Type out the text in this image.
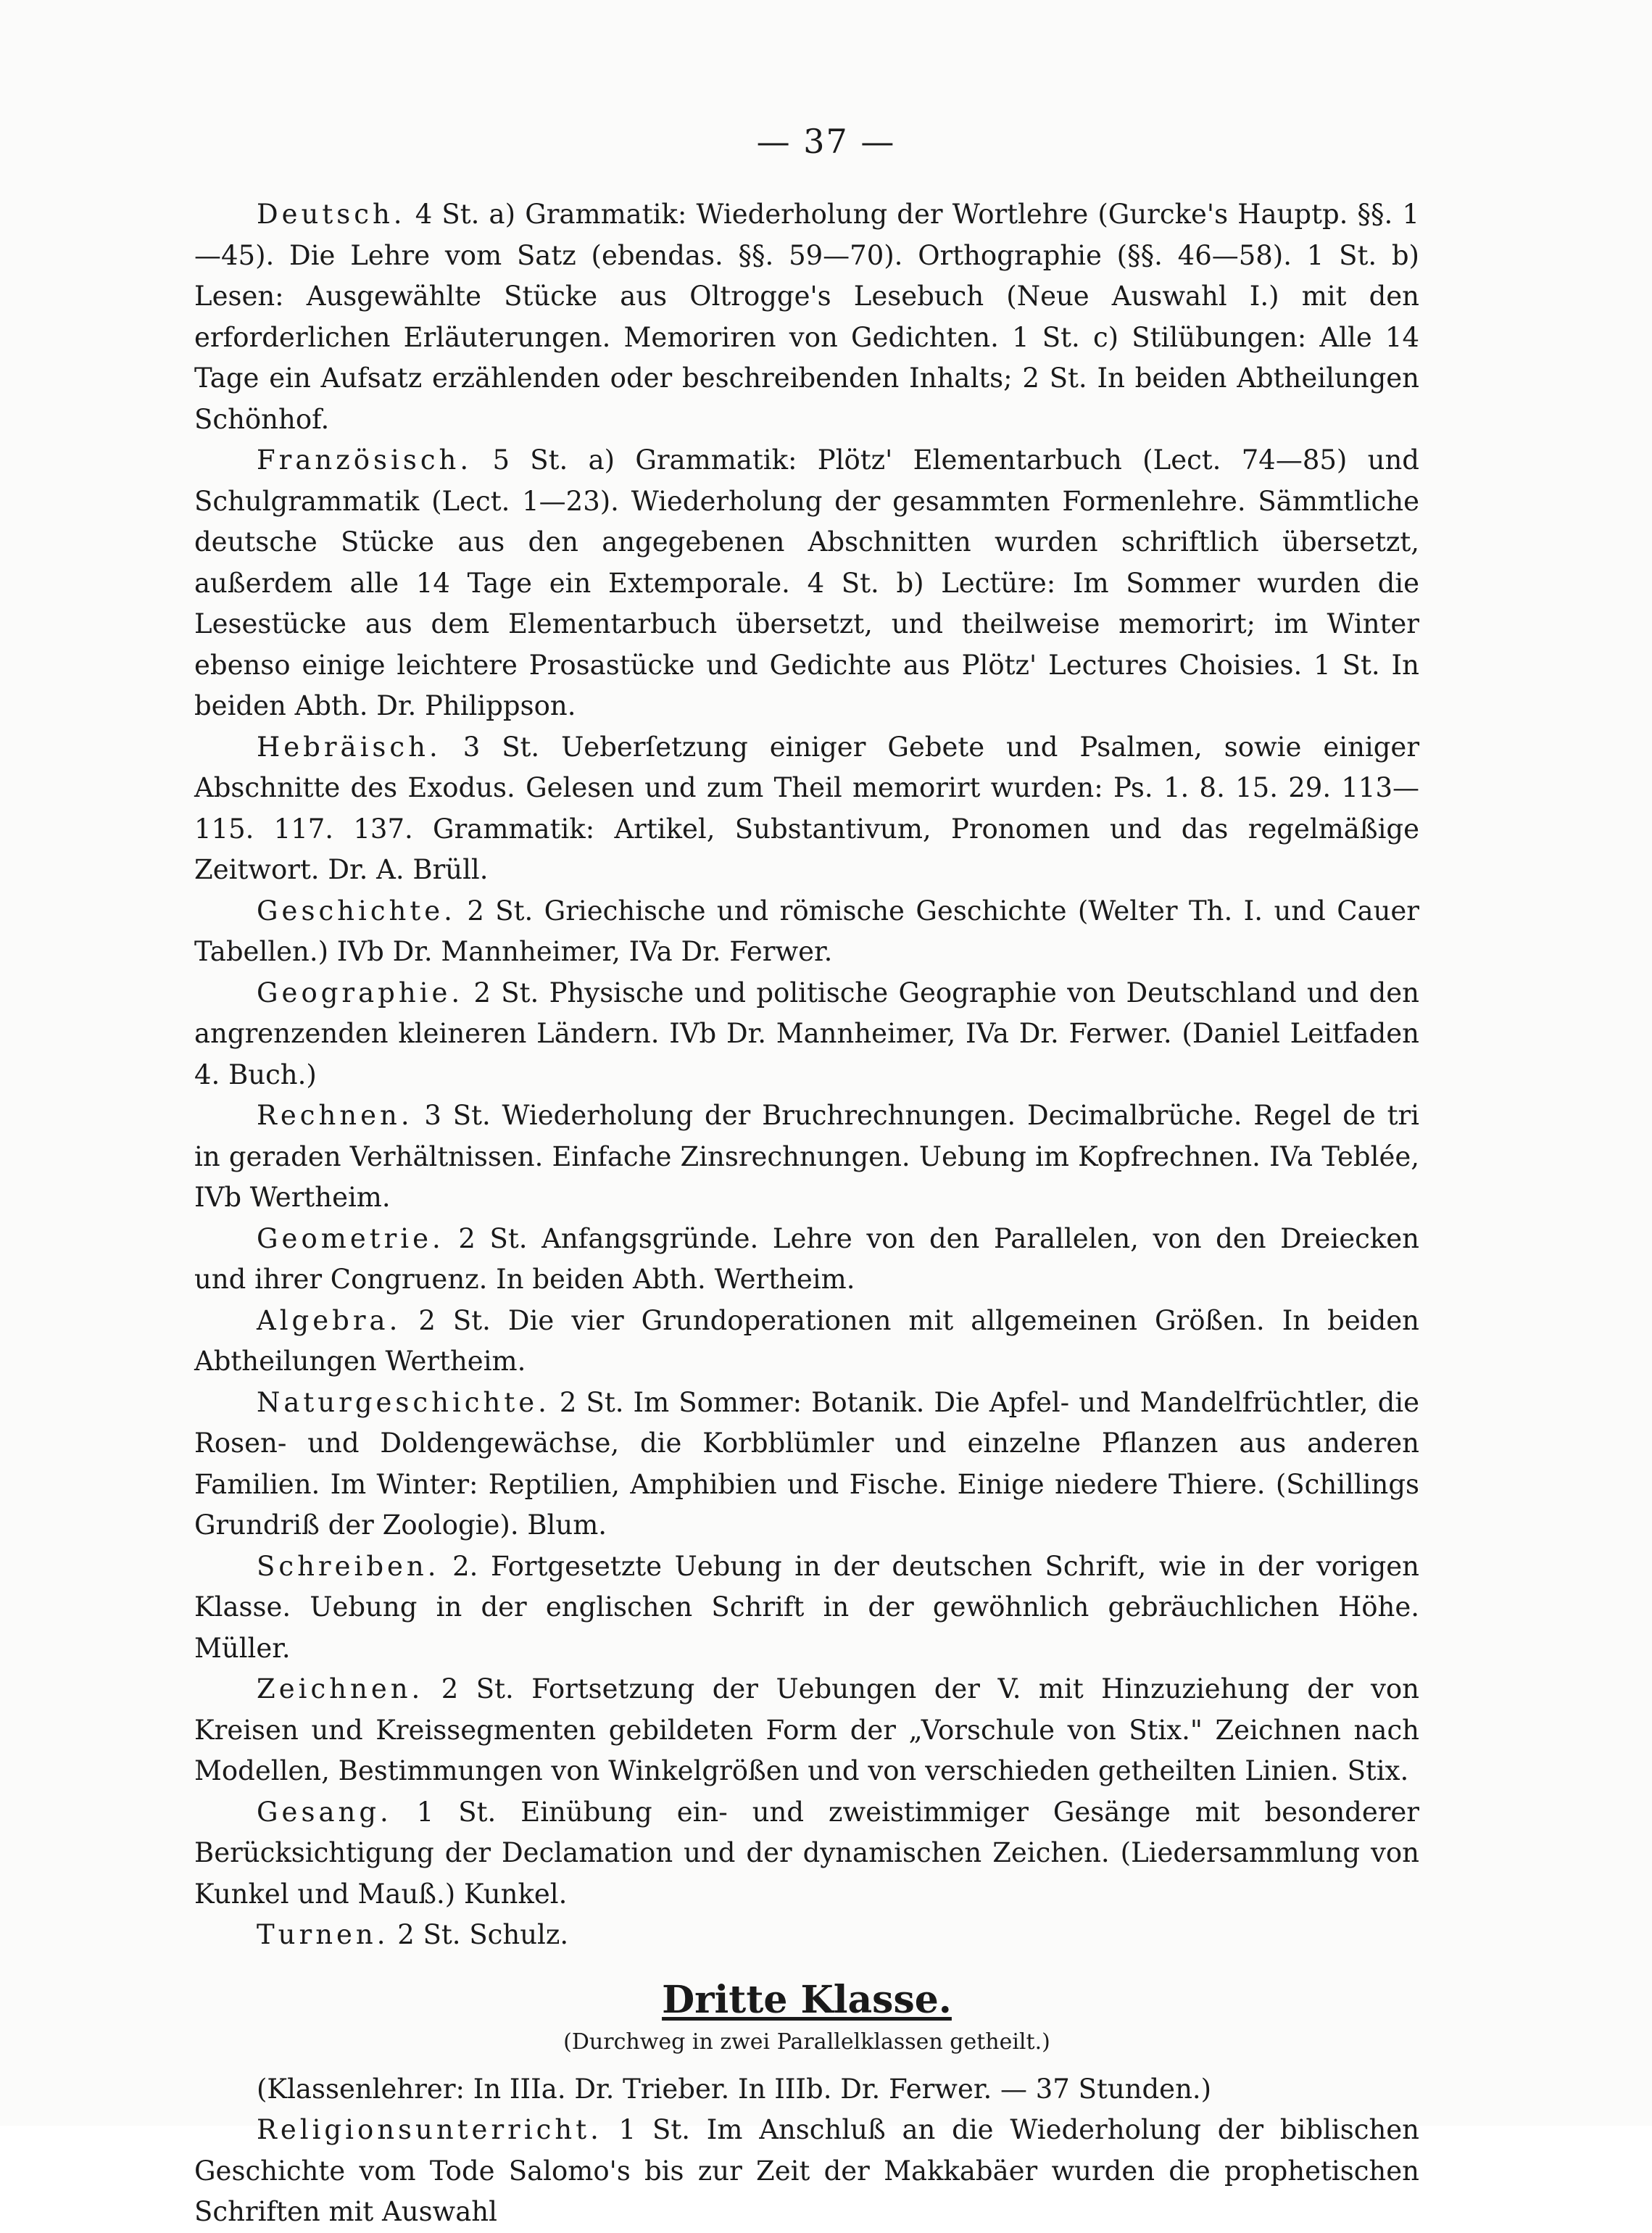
— 37 —

Deutsch. 4 St. a) Grammatik: Wiederholung der Wortlehre (Gurcke's Hauptp. §§. 1—45). Die Lehre vom Satz (ebendas. §§. 59—70). Orthographie (§§. 46—58). 1 St. b) Lesen: Ausgewählte Stücke aus Oltrogge's Lesebuch (Neue Auswahl I.) mit den erforderlichen Erläuterungen. Memoriren von Gedichten. 1 St. c) Stilübungen: Alle 14 Tage ein Aufsatz erzählenden oder beschreibenden Inhalts; 2 St. In beiden Abtheilungen Schönhof.

Französisch. 5 St. a) Grammatik: Plötz' Elementarbuch (Lect. 74—85) und Schulgrammatik (Lect. 1—23). Wiederholung der gesammten Formenlehre. Sämmtliche deutsche Stücke aus den angegebenen Abschnitten wurden schriftlich übersetzt, außerdem alle 14 Tage ein Extemporale. 4 St. b) Lectüre: Im Sommer wurden die Lesestücke aus dem Elementarbuch übersetzt, und theilweise memorirt; im Winter ebenso einige leichtere Prosastücke und Gedichte aus Plötz' Lectures Choisies. 1 St. In beiden Abth. Dr. Philippson.

Hebräisch. 3 St. Ueberſetzung einiger Gebete und Psalmen, sowie einiger Abschnitte des Exodus. Gelesen und zum Theil memorirt wurden: Ps. 1. 8. 15. 29. 113—115. 117. 137. Grammatik: Artikel, Substantivum, Pronomen und das regelmäßige Zeitwort. Dr. A. Brüll.

Geschichte. 2 St. Griechische und römische Geschichte (Welter Th. I. und Cauer Tabellen.) IVb Dr. Mannheimer, IVa Dr. Ferwer.

Geographie. 2 St. Physische und politische Geographie von Deutschland und den angrenzenden kleineren Ländern. IVb Dr. Mannheimer, IVa Dr. Ferwer. (Daniel Leitfaden 4. Buch.)

Rechnen. 3 St. Wiederholung der Bruchrechnungen. Decimalbrüche. Regel de tri in geraden Verhältnissen. Einfache Zinsrechnungen. Uebung im Kopfrechnen. IVa Teblée, IVb Wertheim.

Geometrie. 2 St. Anfangsgründe. Lehre von den Parallelen, von den Dreiecken und ihrer Congruenz. In beiden Abth. Wertheim.

Algebra. 2 St. Die vier Grundoperationen mit allgemeinen Größen. In beiden Abtheilungen Wertheim.

Naturgeschichte. 2 St. Im Sommer: Botanik. Die Apfel- und Mandelfrüchtler, die Rosen- und Doldengewächse, die Korbblümler und einzelne Pflanzen aus anderen Familien. Im Winter: Reptilien, Amphibien und Fische. Einige niedere Thiere. (Schillings Grundriß der Zoologie). Blum.

Schreiben. 2. Fortgesetzte Uebung in der deutschen Schrift, wie in der vorigen Klasse. Uebung in der englischen Schrift in der gewöhnlich gebräuchlichen Höhe. Müller.

Zeichnen. 2 St. Fortsetzung der Uebungen der V. mit Hinzuziehung der von Kreisen und Kreissegmenten gebildeten Form der „Vorschule von Stix." Zeichnen nach Modellen, Bestimmungen von Winkelgrößen und von verschieden getheilten Linien. Stix.

Gesang. 1 St. Einübung ein- und zweistimmiger Gesänge mit besonderer Berücksichtigung der Declamation und der dynamischen Zeichen. (Liedersammlung von Kunkel und Mauß.) Kunkel.

Turnen. 2 St. Schulz.

Dritte Klasse.
(Durchweg in zwei Parallelklassen getheilt.)

(Klassenlehrer: In IIIa. Dr. Trieber. In IIIb. Dr. Ferwer. — 37 Stunden.)

Religionsunterricht. 1 St. Im Anschluß an die Wiederholung der biblischen Geschichte vom Tode Salomo's bis zur Zeit der Makkabäer wurden die prophetischen Schriften mit Auswahl
